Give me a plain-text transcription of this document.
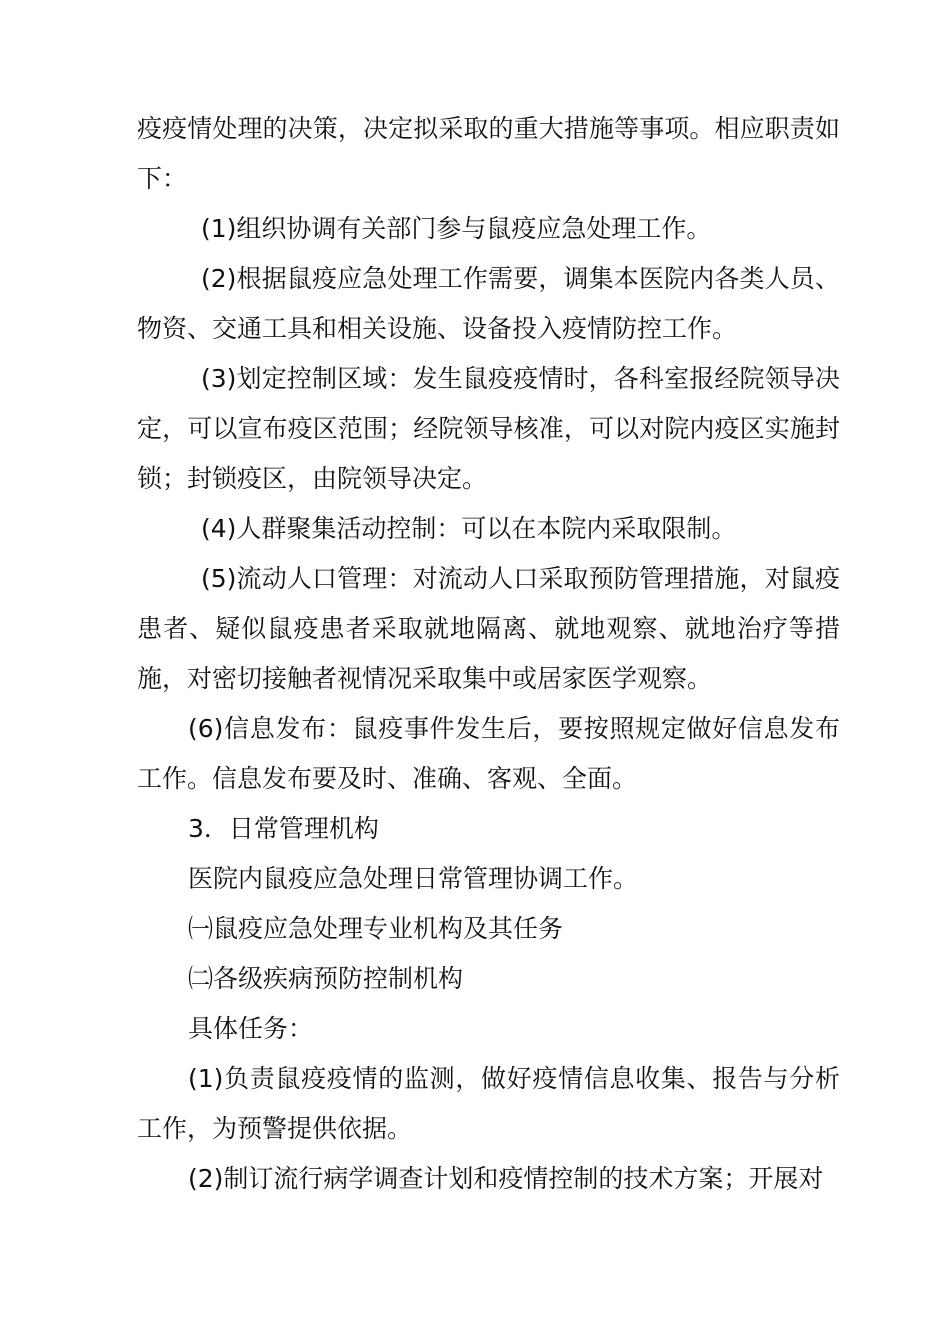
疫疫情处理的决策，决定拟采取的重大措施等事项。相应职责如下：

(1)组织协调有关部门参与鼠疫应急处理工作。

(2)根据鼠疫应急处理工作需要，调集本医院内各类人员、物资、交通工具和相关设施、设备投入疫情防控工作。

(3)划定控制区域：发生鼠疫疫情时，各科室报经院领导决定，可以宣布疫区范围；经院领导核准，可以对院内疫区实施封锁；封锁疫区，由院领导决定。

(4)人群聚集活动控制：可以在本院内采取限制。

(5)流动人口管理：对流动人口采取预防管理措施，对鼠疫患者、疑似鼠疫患者采取就地隔离、就地观察、就地治疗等措施，对密切接触者视情况采取集中或居家医学观察。

(6)信息发布：鼠疫事件发生后，要按照规定做好信息发布工作。信息发布要及时、准确、客观、全面。

3．日常管理机构

医院内鼠疫应急处理日常管理协调工作。

㈠鼠疫应急处理专业机构及其任务

㈡各级疾病预防控制机构

具体任务：

(1)负责鼠疫疫情的监测，做好疫情信息收集、报告与分析工作，为预警提供依据。

(2)制订流行病学调查计划和疫情控制的技术方案；开展对
